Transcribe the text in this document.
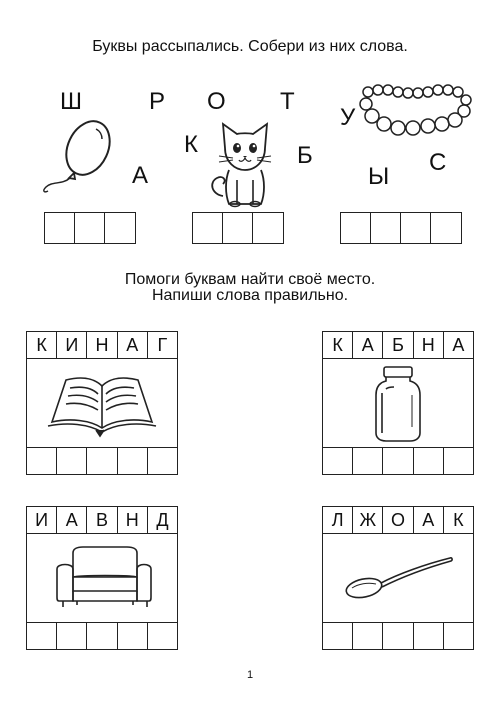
Буквы рассыпались. Собери из них слова.
Ш	Р
А
О Т
К	Б
У
С
Ы
Помоги буквам найти своё место.
Напиши слова правильно.
К	И Н А	Г	К	А	Б Н А
И А	В Н Д	Л Ж О А	К
1
